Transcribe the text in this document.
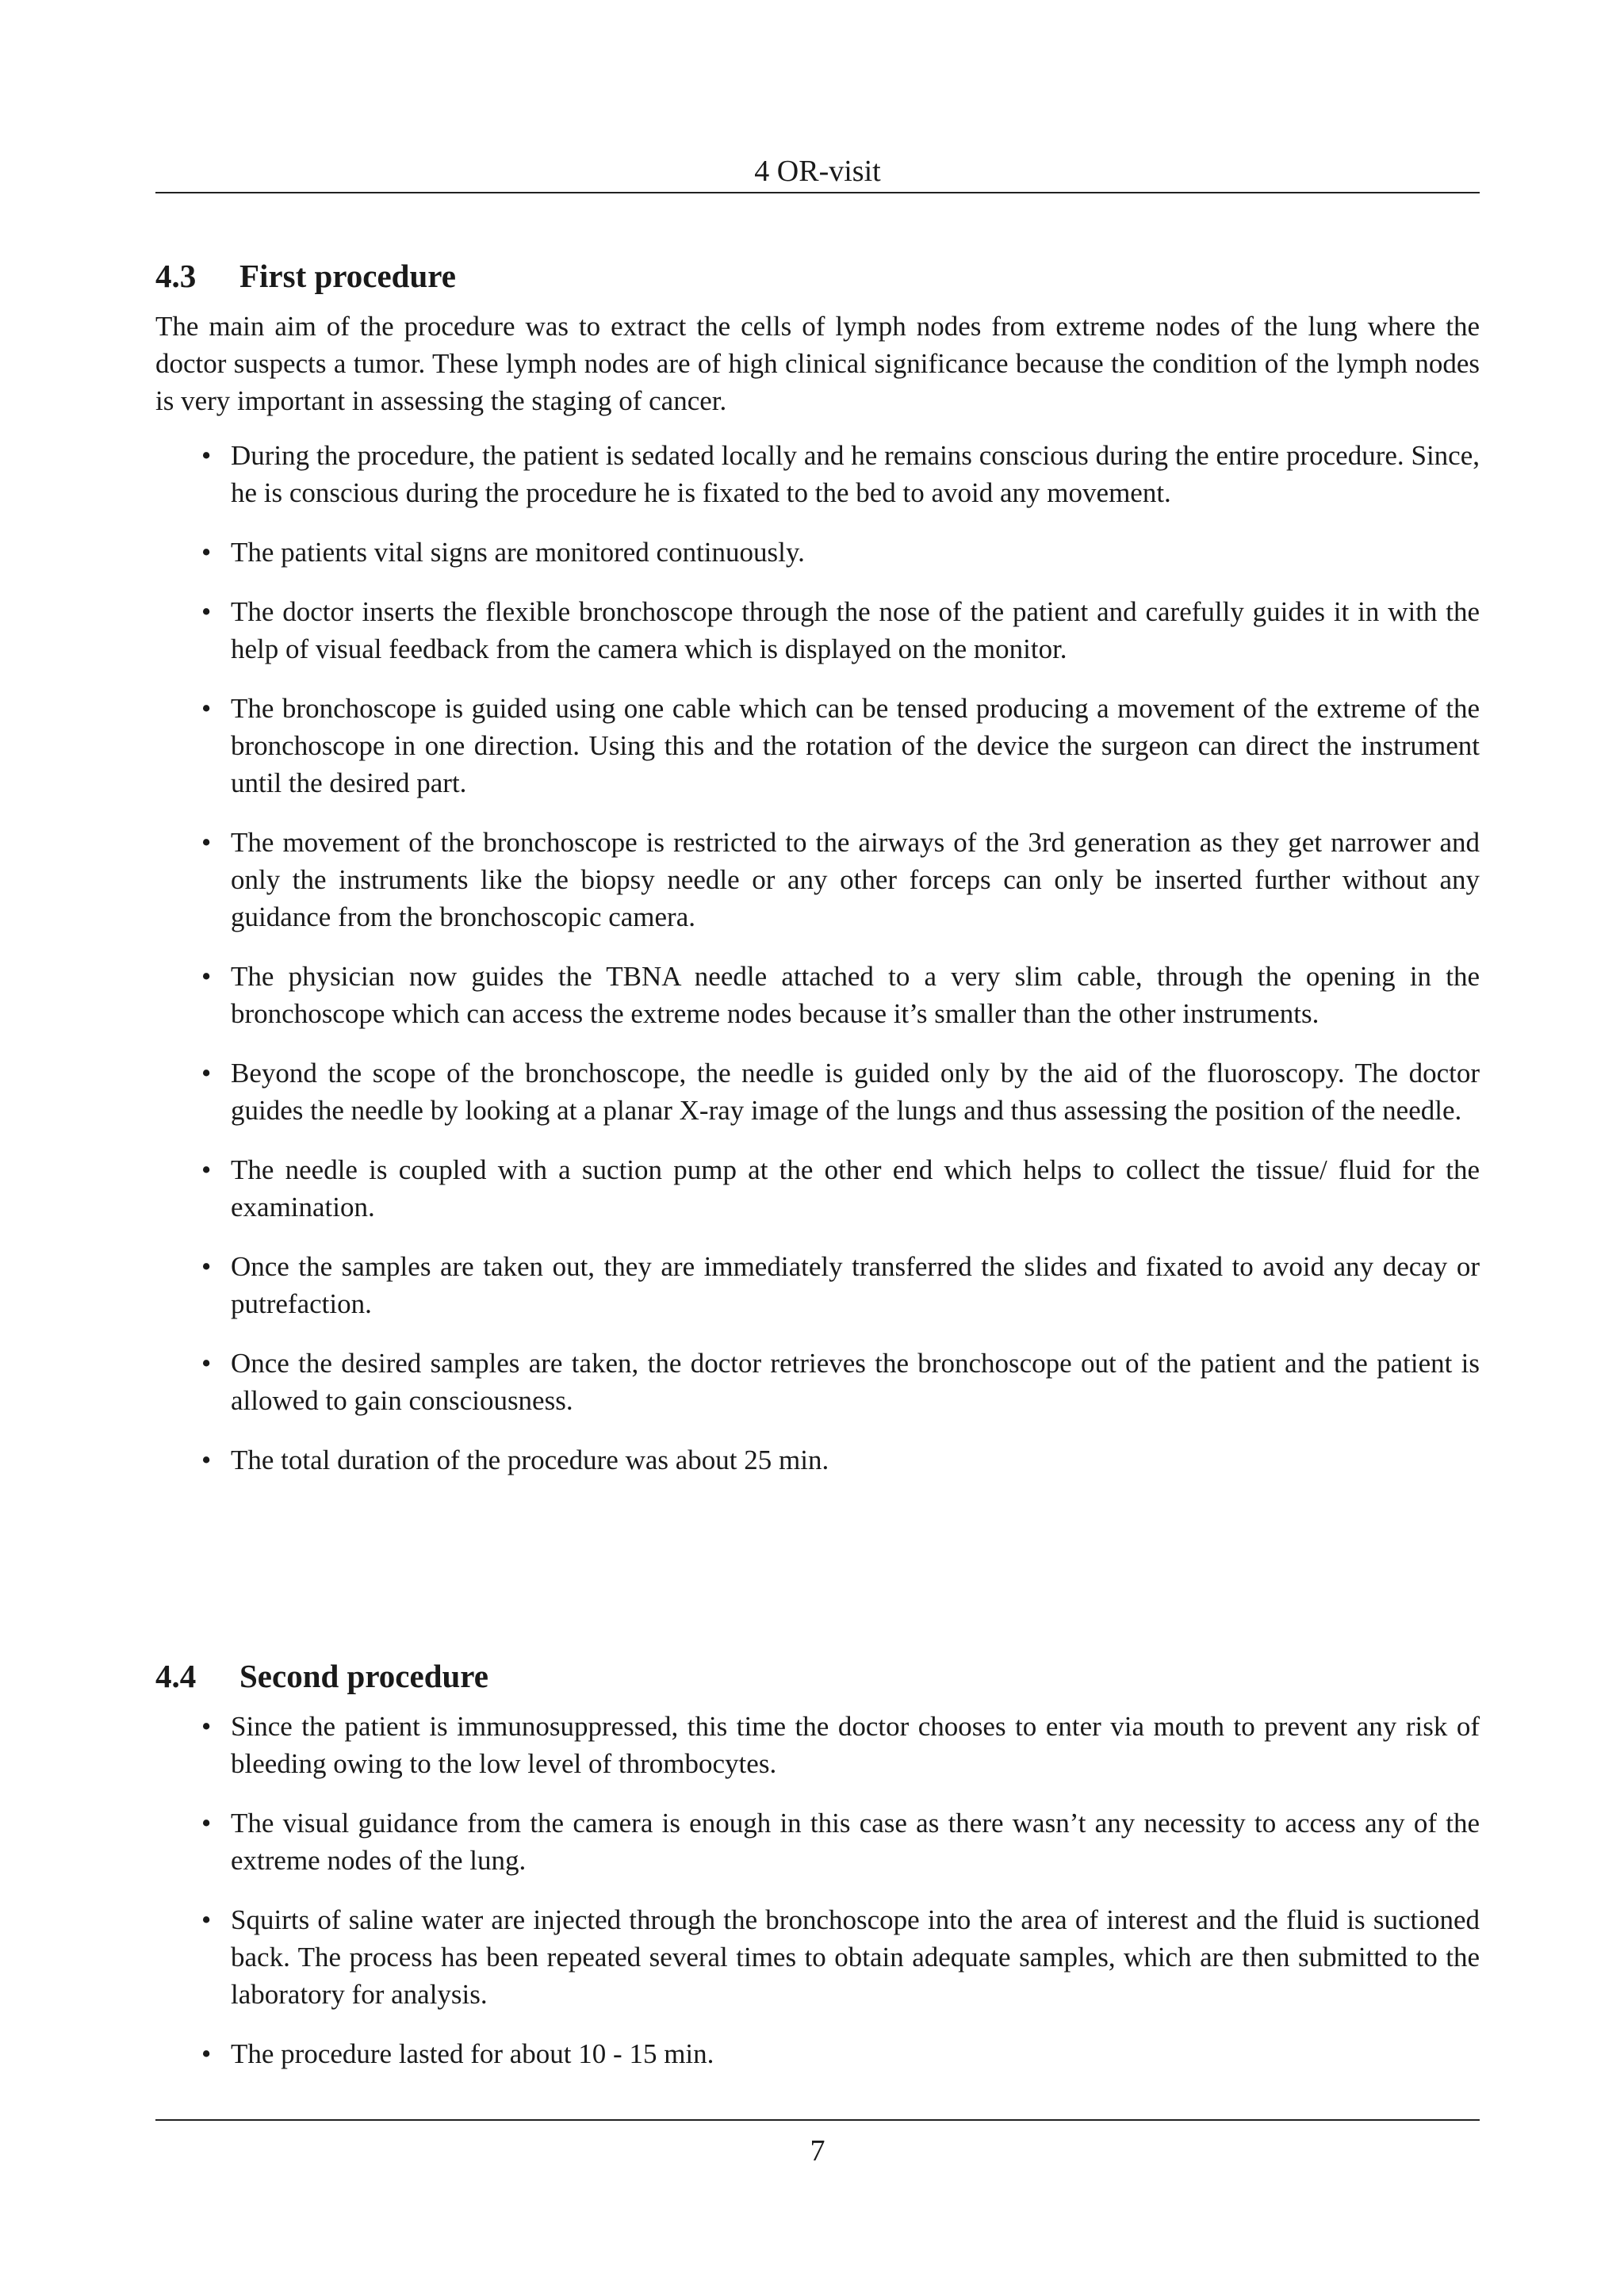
4 OR-visit
4.3 First procedure

The main aim of the procedure was to extract the cells of lymph nodes from extreme nodes of the lung where the doctor suspects a tumor. These lymph nodes are of high clinical significance because the condition of the lymph nodes is very important in assessing the staging of cancer.

• During the procedure, the patient is sedated locally and he remains conscious during the entire procedure. Since, he is conscious during the procedure he is fixated to the bed to avoid any movement.
• The patients vital signs are monitored continuously.
• The doctor inserts the flexible bronchoscope through the nose of the patient and carefully guides it in with the help of visual feedback from the camera which is displayed on the monitor.
• The bronchoscope is guided using one cable which can be tensed producing a movement of the extreme of the bronchoscope in one direction. Using this and the rotation of the device the surgeon can direct the instrument until the desired part.
• The movement of the bronchoscope is restricted to the airways of the 3rd generation as they get narrower and only the instruments like the biopsy needle or any other forceps can only be inserted further without any guidance from the bronchoscopic camera.
• The physician now guides the TBNA needle attached to a very slim cable, through the opening in the bronchoscope which can access the extreme nodes because it’s smaller than the other instruments.
• Beyond the scope of the bronchoscope, the needle is guided only by the aid of the fluoroscopy. The doctor guides the needle by looking at a planar X-ray image of the lungs and thus assessing the position of the needle.
• The needle is coupled with a suction pump at the other end which helps to collect the tissue/ fluid for the examination.
• Once the samples are taken out, they are immediately transferred the slides and fixated to avoid any decay or putrefaction.
• Once the desired samples are taken, the doctor retrieves the bronchoscope out of the patient and the patient is allowed to gain consciousness.
• The total duration of the procedure was about 25 min.
4.4 Second procedure
• Since the patient is immunosuppressed, this time the doctor chooses to enter via mouth to prevent any risk of bleeding owing to the low level of thrombocytes.
• The visual guidance from the camera is enough in this case as there wasn’t any necessity to access any of the extreme nodes of the lung.
• Squirts of saline water are injected through the bronchoscope into the area of interest and the fluid is suctioned back. The process has been repeated several times to obtain adequate samples, which are then submitted to the laboratory for analysis.
• The procedure lasted for about 10 - 15 min.
7
